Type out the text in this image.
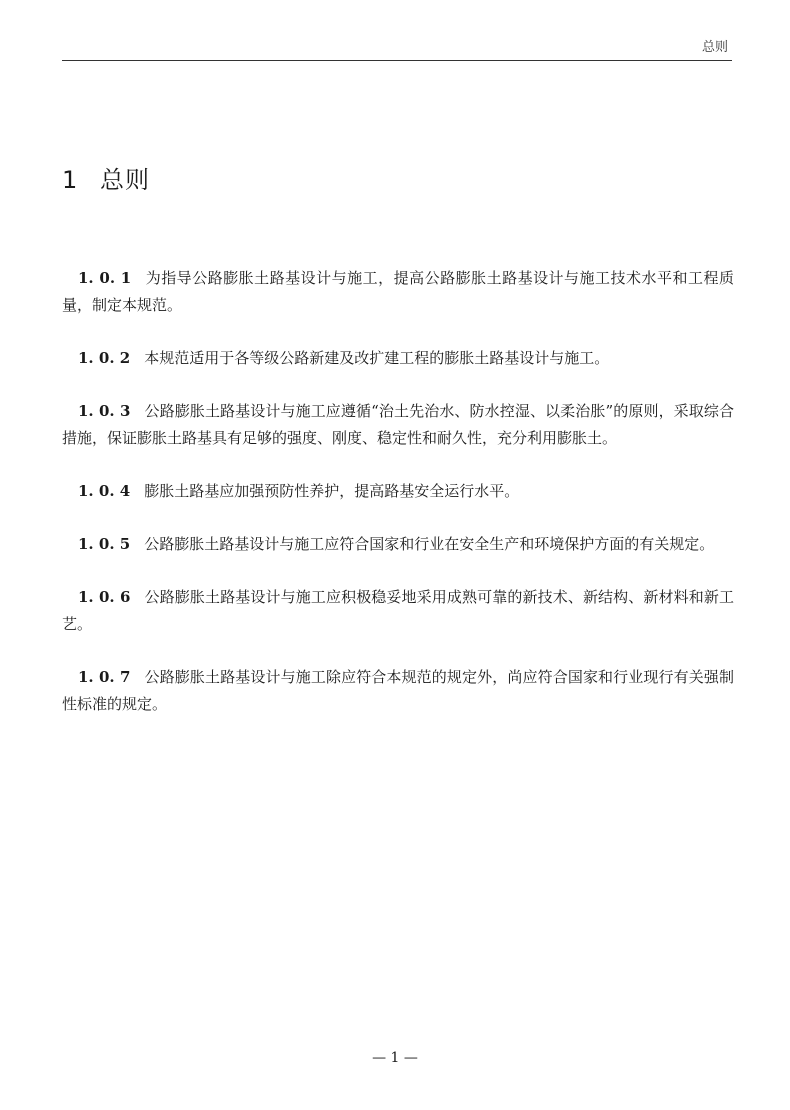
总则
1 总则

1. 0. 1 为指导公路膨胀土路基设计与施工，提高公路膨胀土路基设计与施工技术水平和工程质量，制定本规范。

1. 0. 2 本规范适用于各等级公路新建及改扩建工程的膨胀土路基设计与施工。

1. 0. 3 公路膨胀土路基设计与施工应遵循“治土先治水、防水控湿、以柔治胀”的原则，采取综合措施，保证膨胀土路基具有足够的强度、刚度、稳定性和耐久性，充分利用膨胀土。

1. 0. 4 膨胀土路基应加强预防性养护，提高路基安全运行水平。

1. 0. 5 公路膨胀土路基设计与施工应符合国家和行业在安全生产和环境保护方面的有关规定。

1. 0. 6 公路膨胀土路基设计与施工应积极稳妥地采用成熟可靠的新技术、新结构、新材料和新工艺。

1. 0. 7 公路膨胀土路基设计与施工除应符合本规范的规定外，尚应符合国家和行业现行有关强制性标准的规定。

— 1 —
